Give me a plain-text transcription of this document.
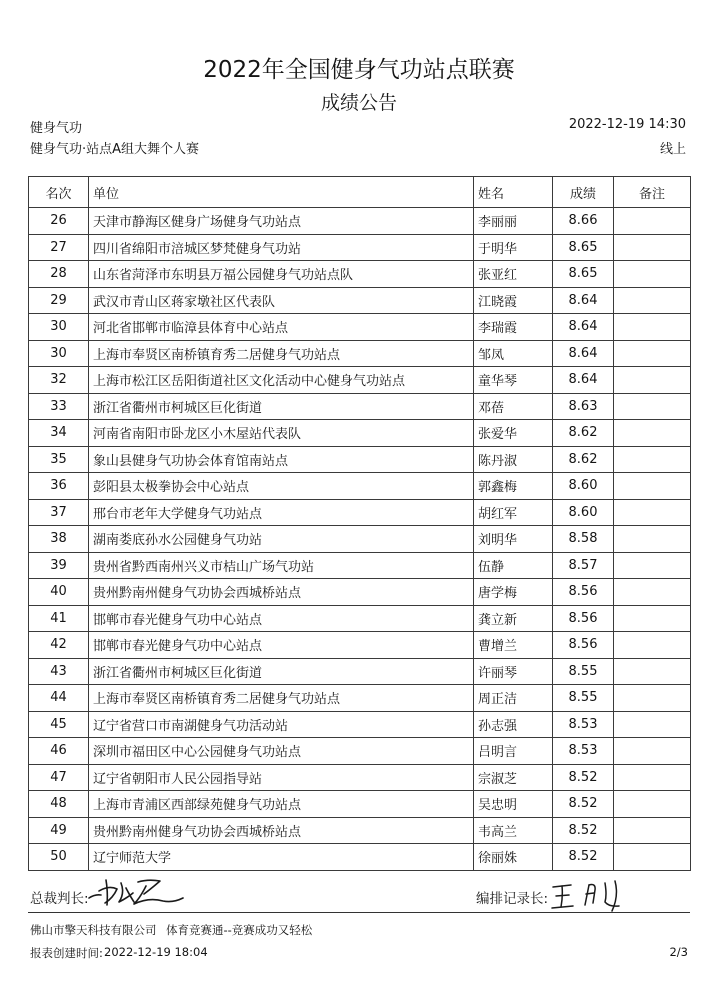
2022年全国健身气功站点联赛
成绩公告
健身气功	2022-12-19 14:30
健身气功·站点A组大舞个人赛	线上
名次	单位	姓名	成绩	备注
26	天津市静海区健身广场健身气功站点	李丽丽	8.66	
27	四川省绵阳市涪城区梦梵健身气功站	于明华	8.65	
28	山东省菏泽市东明县万福公园健身气功站点队	张亚红	8.65	
29	武汉市青山区蒋家墩社区代表队	江晓霞	8.64	
30	河北省邯郸市临漳县体育中心站点	李瑞霞	8.64	
30	上海市奉贤区南桥镇育秀二居健身气功站点	邹凤	8.64	
32	上海市松江区岳阳街道社区文化活动中心健身气功站点	童华琴	8.64	
33	浙江省衢州市柯城区巨化街道	邓蓓	8.63	
34	河南省南阳市卧龙区小木屋站代表队	张爱华	8.62	
35	象山县健身气功协会体育馆南站点	陈丹淑	8.62	
36	彭阳县太极拳协会中心站点	郭鑫梅	8.60	
37	邢台市老年大学健身气功站点	胡红军	8.60	
38	湖南娄底孙水公园健身气功站	刘明华	8.58	
39	贵州省黔西南州兴义市桔山广场气功站	伍静	8.57	
40	贵州黔南州健身气功协会西城桥站点	唐学梅	8.56	
41	邯郸市春光健身气功中心站点	龚立新	8.56	
42	邯郸市春光健身气功中心站点	曹增兰	8.56	
43	浙江省衢州市柯城区巨化街道	许丽琴	8.55	
44	上海市奉贤区南桥镇育秀二居健身气功站点	周正洁	8.55	
45	辽宁省营口市南湖健身气功活动站	孙志强	8.53	
46	深圳市福田区中心公园健身气功站点	吕明言	8.53	
47	辽宁省朝阳市人民公园指导站	宗淑芝	8.52	
48	上海市青浦区西部绿苑健身气功站点	吴忠明	8.52	
49	贵州黔南州健身气功协会西城桥站点	韦高兰	8.52	
50	辽宁师范大学	徐丽姝	8.52	
总裁判长:	编排记录长:
佛山市擎天科技有限公司 体育竞赛通--竞赛成功又轻松
报表创建时间: 2022-12-19 18:04	2/3
